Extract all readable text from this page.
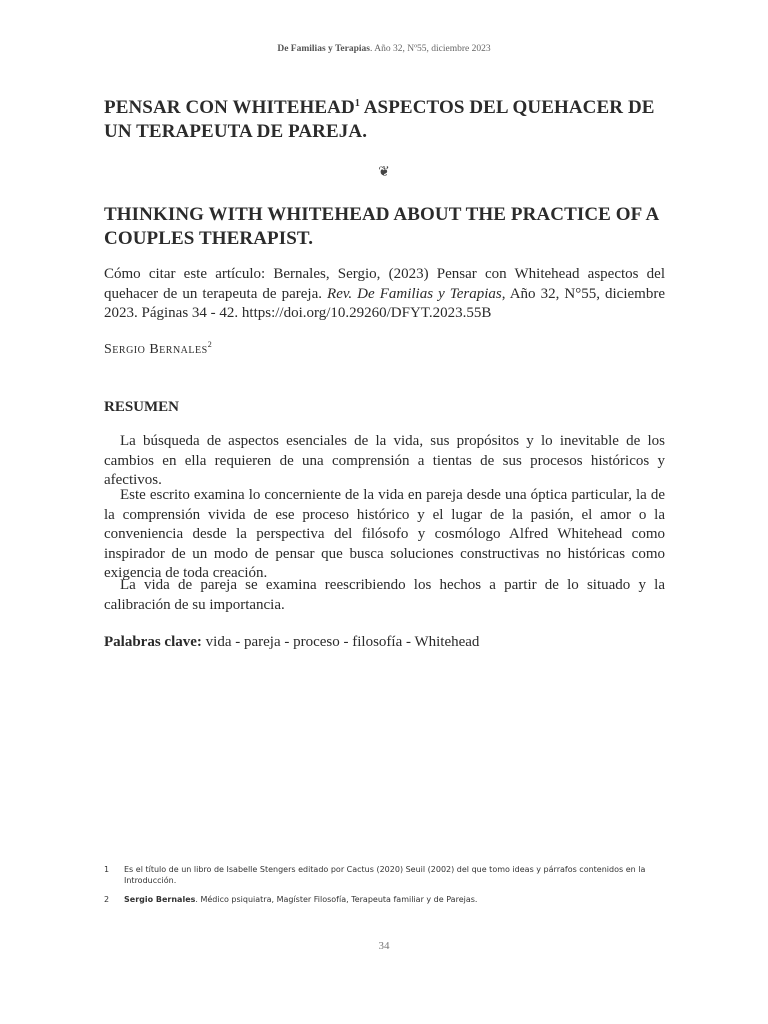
De Familias y Terapias. Año 32, Nº55, diciembre 2023
PENSAR CON WHITEHEAD$^1$ ASPECTOS DEL QUEHACER DE UN TERAPEUTA DE PAREJA.
❦
THINKING WITH WHITEHEAD ABOUT THE PRACTICE OF A COUPLES THERAPIST.
Cómo citar este artículo: Bernales, Sergio, (2023) Pensar con Whitehead aspectos del quehacer de un terapeuta de pareja. Rev. De Familias y Terapias, Año 32, N°55, diciembre 2023. Páginas 34 - 42. https://doi.org/10.29260/DFYT.2023.55B
Sergio Bernales$^2$
RESUMEN
La búsqueda de aspectos esenciales de la vida, sus propósitos y lo inevitable de los cambios en ella requieren de una comprensión a tientas de sus procesos históricos y afectivos.
Este escrito examina lo concerniente de la vida en pareja desde una óptica particular, la de la comprensión vivida de ese proceso histórico y el lugar de la pasión, el amor o la conveniencia desde la perspectiva del filósofo y cosmólogo Alfred Whitehead como inspirador de un modo de pensar que busca soluciones constructivas no históricas como exigencia de toda creación.
La vida de pareja se examina reescribiendo los hechos a partir de lo situado y la calibración de su importancia.
Palabras clave: vida - pareja - proceso - filosofía - Whitehead
1	Es el título de un libro de Isabelle Stengers editado por Cactus (2020) Seuil (2002) del que tomo ideas y párrafos contenidos en la Introducción.
2	Sergio Bernales. Médico psiquiatra, Magíster Filosofía, Terapeuta familiar y de Parejas.
34
